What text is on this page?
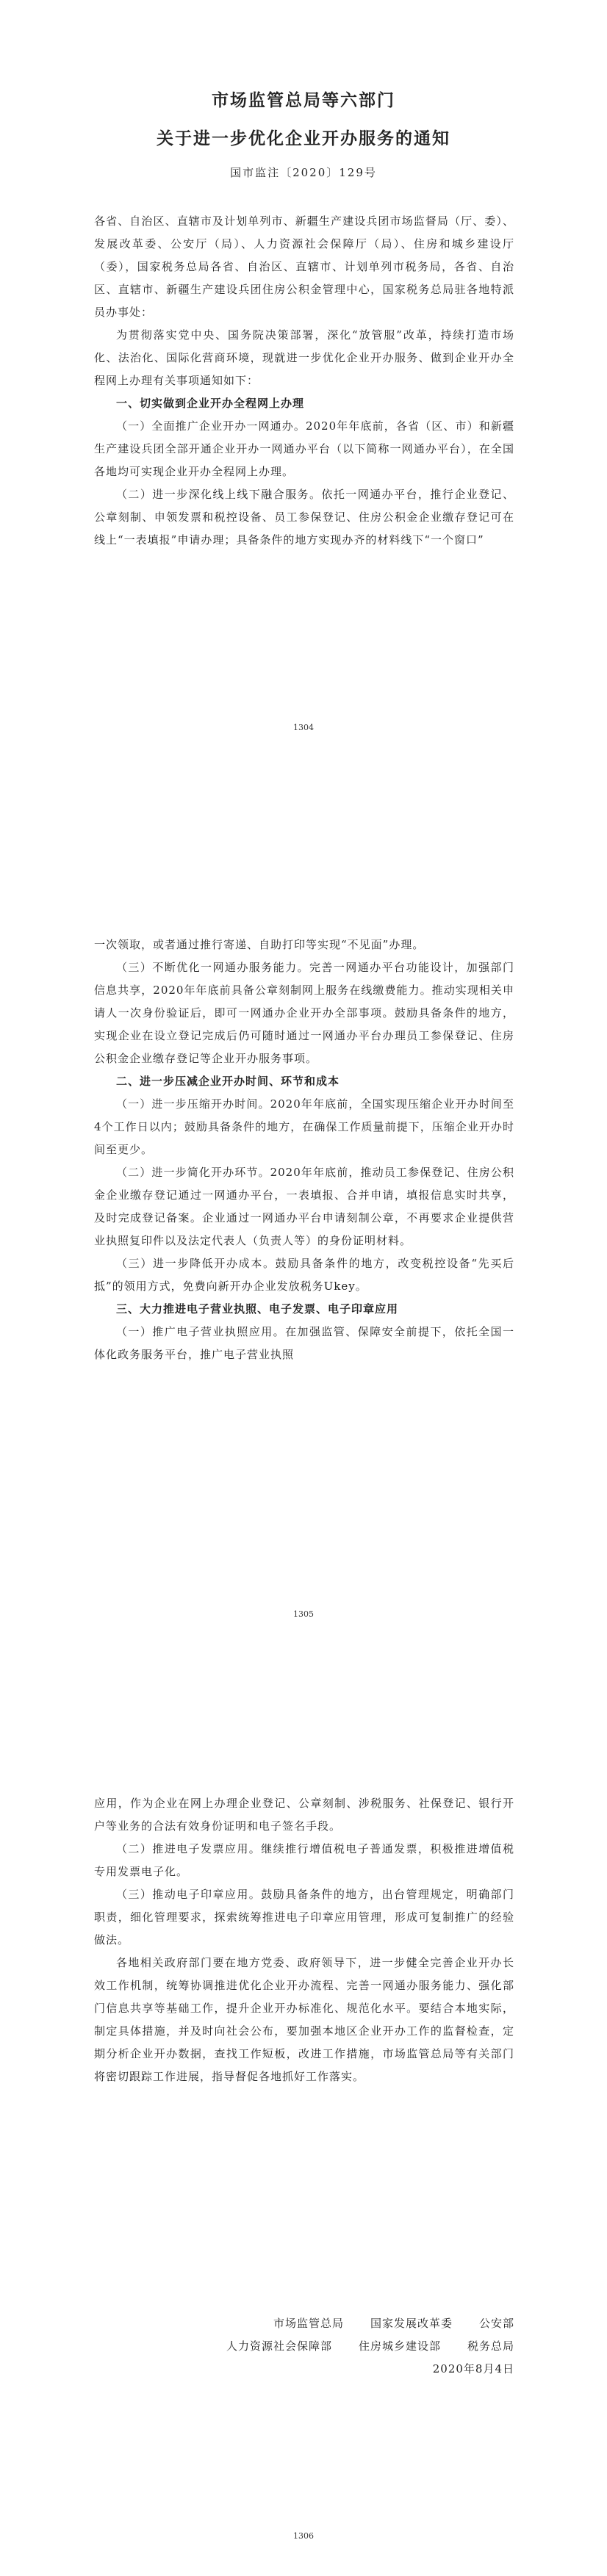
市场监管总局等六部门
关于进一步优化企业开办服务的通知
国市监注〔2020〕129号

各省、自治区、直辖市及计划单列市、新疆生产建设兵团市场监督局（厅、委）、发展改革委、公安厅（局）、人力资源社会保障厅（局）、住房和城乡建设厅（委），国家税务总局各省、自治区、直辖市、计划单列市税务局，各省、自治区、直辖市、新疆生产建设兵团住房公积金管理中心，国家税务总局驻各地特派员办事处：

为贯彻落实党中央、国务院决策部署，深化“放管服”改革，持续打造市场化、法治化、国际化营商环境，现就进一步优化企业开办服务、做到企业开办全程网上办理有关事项通知如下：

一、切实做到企业开办全程网上办理

（一）全面推广企业开办一网通办。2020年年底前，各省（区、市）和新疆生产建设兵团全部开通企业开办一网通办平台（以下简称一网通办平台），在全国各地均可实现企业开办全程网上办理。

（二）进一步深化线上线下融合服务。依托一网通办平台，推行企业登记、公章刻制、申领发票和税控设备、员工参保登记、住房公积金企业缴存登记可在线上“一表填报”申请办理；具备条件的地方实现办齐的材料线下“一个窗口”

1304

一次领取，或者通过推行寄递、自助打印等实现“不见面”办理。

（三）不断优化一网通办服务能力。完善一网通办平台功能设计，加强部门信息共享，2020年年底前具备公章刻制网上服务在线缴费能力。推动实现相关申请人一次身份验证后，即可一网通办企业开办全部事项。鼓励具备条件的地方，实现企业在设立登记完成后仍可随时通过一网通办平台办理员工参保登记、住房公积金企业缴存登记等企业开办服务事项。

二、进一步压减企业开办时间、环节和成本

（一）进一步压缩开办时间。2020年年底前，全国实现压缩企业开办时间至4个工作日以内；鼓励具备条件的地方，在确保工作质量前提下，压缩企业开办时间至更少。

（二）进一步简化开办环节。2020年年底前，推动员工参保登记、住房公积金企业缴存登记通过一网通办平台，一表填报、合并申请，填报信息实时共享，及时完成登记备案。企业通过一网通办平台申请刻制公章，不再要求企业提供营业执照复印件以及法定代表人（负责人等）的身份证明材料。

（三）进一步降低开办成本。鼓励具备条件的地方，改变税控设备“先买后抵”的领用方式，免费向新开办企业发放税务Ukey。

三、大力推进电子营业执照、电子发票、电子印章应用

（一）推广电子营业执照应用。在加强监管、保障安全前提下，依托全国一体化政务服务平台，推广电子营业执照

1305

应用，作为企业在网上办理企业登记、公章刻制、涉税服务、社保登记、银行开户等业务的合法有效身份证明和电子签名手段。

（二）推进电子发票应用。继续推行增值税电子普通发票，积极推进增值税专用发票电子化。

（三）推动电子印章应用。鼓励具备条件的地方，出台管理规定，明确部门职责，细化管理要求，探索统筹推进电子印章应用管理，形成可复制推广的经验做法。

各地相关政府部门要在地方党委、政府领导下，进一步健全完善企业开办长效工作机制，统筹协调推进优化企业开办流程、完善一网通办服务能力、强化部门信息共享等基础工作，提升企业开办标准化、规范化水平。要结合本地实际，制定具体措施，并及时向社会公布，要加强本地区企业开办工作的监督检查，定期分析企业开办数据，查找工作短板，改进工作措施，市场监管总局等有关部门将密切跟踪工作进展，指导督促各地抓好工作落实。

市场监管总局 国家发展改革委 公安部
人力资源社会保障部 住房城乡建设部 税务总局
2020年8月4日
1306
